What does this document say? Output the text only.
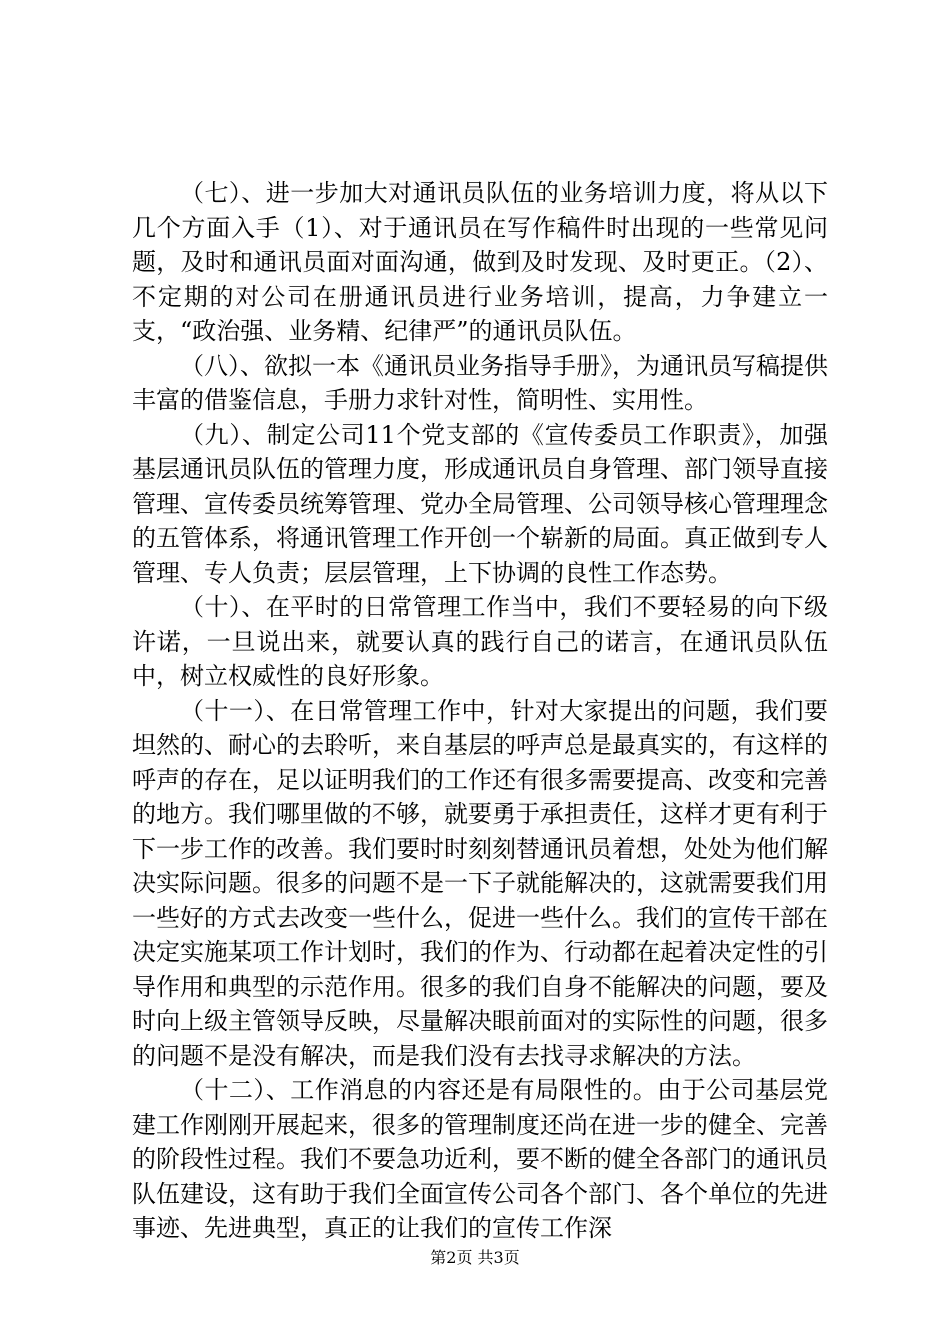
（七）、进一步加大对通讯员队伍的业务培训力度，将从以下几个方面入手（1）、对于通讯员在写作稿件时出现的一些常见问题，及时和通讯员面对面沟通，做到及时发现、及时更正。（2）、不定期的对公司在册通讯员进行业务培训，提高，力争建立一支，“政治强、业务精、纪律严”的通讯员队伍。

（八）、欲拟一本《通讯员业务指导手册》，为通讯员写稿提供丰富的借鉴信息，手册力求针对性，简明性、实用性。

（九）、制定公司11个党支部的《宣传委员工作职责》，加强基层通讯员队伍的管理力度，形成通讯员自身管理、部门领导直接管理、宣传委员统筹管理、党办全局管理、公司领导核心管理理念的五管体系，将通讯管理工作开创一个崭新的局面。真正做到专人管理、专人负责；层层管理，上下协调的良性工作态势。

（十）、在平时的日常管理工作当中，我们不要轻易的向下级许诺，一旦说出来，就要认真的践行自己的诺言，在通讯员队伍中，树立权威性的良好形象。

（十一）、在日常管理工作中，针对大家提出的问题，我们要坦然的、耐心的去聆听，来自基层的呼声总是最真实的，有这样的呼声的存在，足以证明我们的工作还有很多需要提高、改变和完善的地方。我们哪里做的不够，就要勇于承担责任，这样才更有利于下一步工作的改善。我们要时时刻刻替通讯员着想，处处为他们解决实际问题。很多的问题不是一下子就能解决的，这就需要我们用一些好的方式去改变一些什么，促进一些什么。我们的宣传干部在决定实施某项工作计划时，我们的作为、行动都在起着决定性的引导作用和典型的示范作用。很多的我们自身不能解决的问题，要及时向上级主管领导反映，尽量解决眼前面对的实际性的问题，很多的问题不是没有解决，而是我们没有去找寻求解决的方法。

（十二）、工作消息的内容还是有局限性的。由于公司基层党建工作刚刚开展起来，很多的管理制度还尚在进一步的健全、完善的阶段性过程。我们不要急功近利，要不断的健全各部门的通讯员队伍建设，这有助于我们全面宣传公司各个部门、各个单位的先进事迹、先进典型，真正的让我们的宣传工作深

第2页 共3页
